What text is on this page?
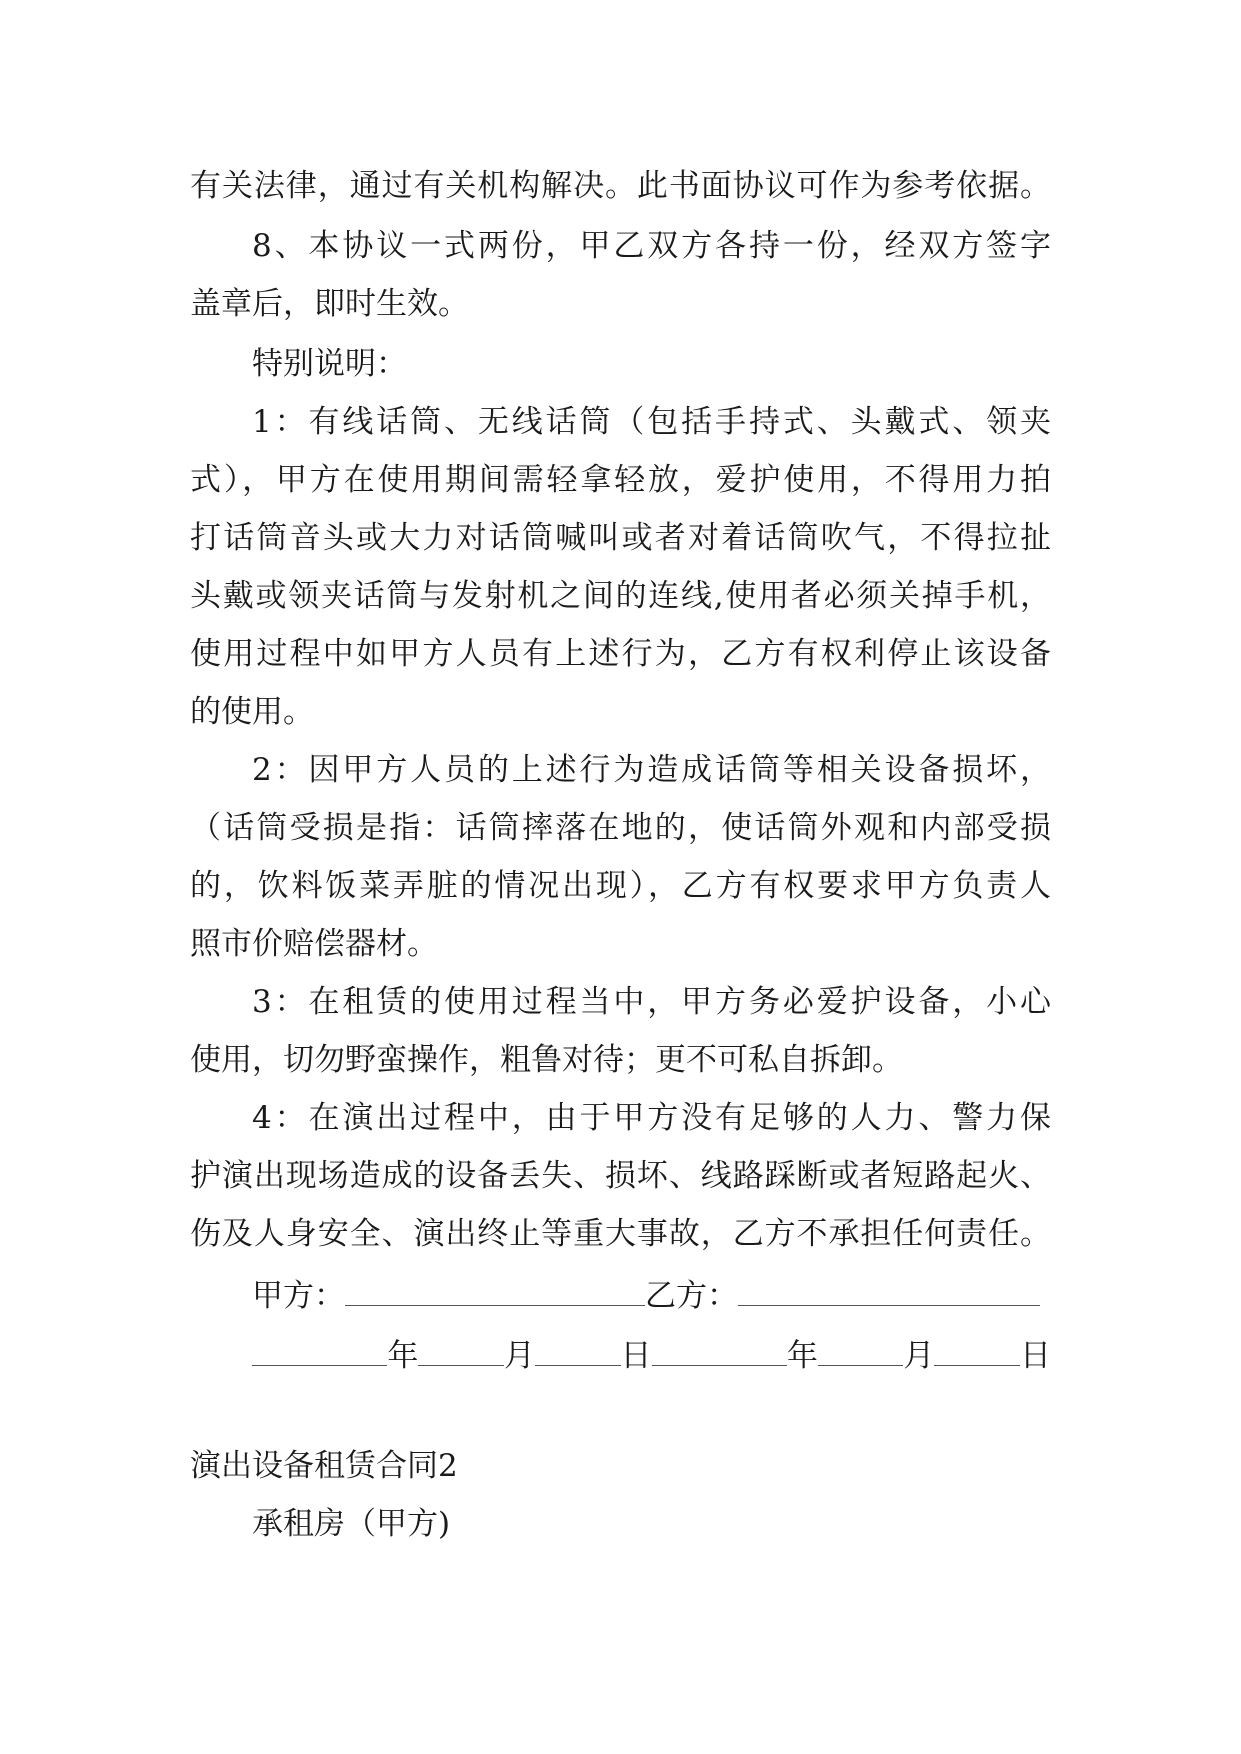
有关法律，通过有关机构解决。此书面协议可作为参考依据。
8、本协议一式两份，甲乙双方各持一份，经双方签字
盖章后，即时生效。
特别说明：
1：有线话筒、无线话筒（包括手持式、头戴式、领夹
式），甲方在使用期间需轻拿轻放，爱护使用，不得用力拍
打话筒音头或大力对话筒喊叫或者对着话筒吹气，不得拉扯
头戴或领夹话筒与发射机之间的连线,使用者必须关掉手机，
使用过程中如甲方人员有上述行为，乙方有权利停止该设备
的使用。
2：因甲方人员的上述行为造成话筒等相关设备损坏，
（话筒受损是指：话筒摔落在地的，使话筒外观和内部受损
的，饮料饭菜弄脏的情况出现），乙方有权要求甲方负责人
照市价赔偿器材。
3：在租赁的使用过程当中，甲方务必爱护设备，小心
使用，切勿野蛮操作，粗鲁对待；更不可私自拆卸。
4：在演出过程中，由于甲方没有足够的人力、警力保
护演出现场造成的设备丢失、损坏、线路踩断或者短路起火、
伤及人身安全、演出终止等重大事故，乙方不承担任何责任。
甲方：	乙方：
年	月	日	年	月	日
演出设备租赁合同2
承租房（甲方)
